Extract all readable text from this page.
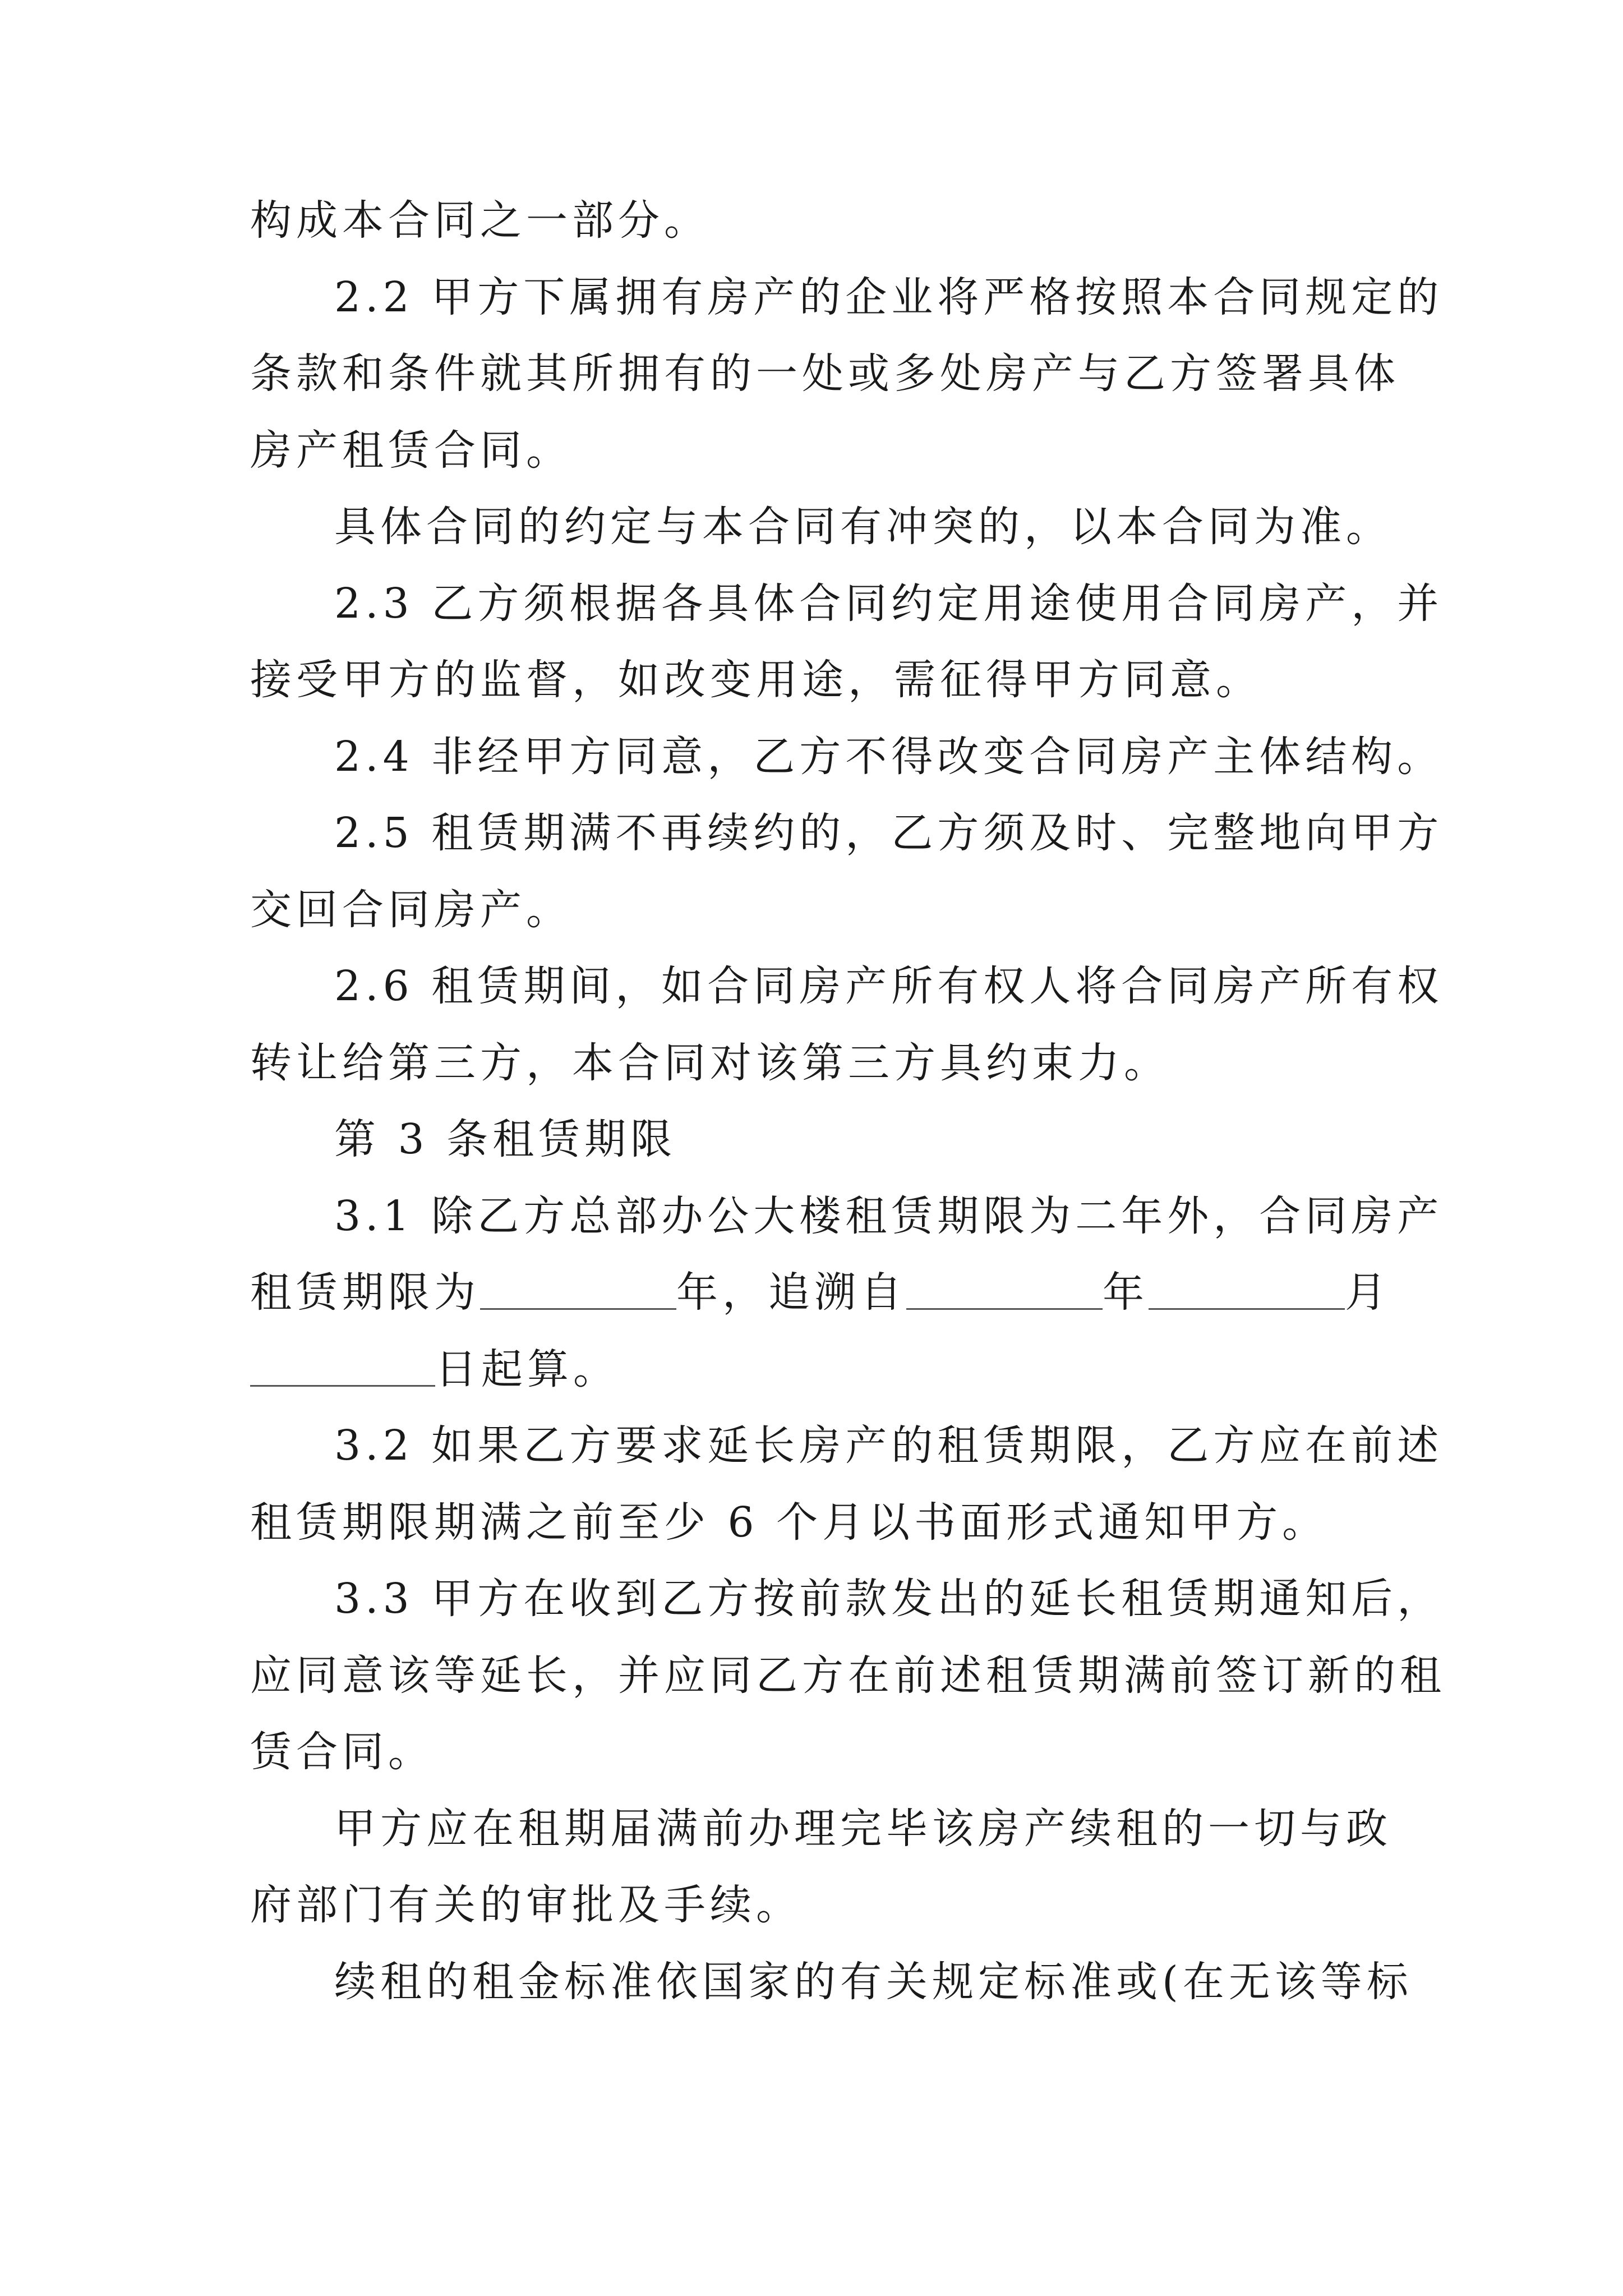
构成本合同之一部分。
2.2 甲方下属拥有房产的企业将严格按照本合同规定的
条款和条件就其所拥有的一处或多处房产与乙方签署具体
房产租赁合同。
具体合同的约定与本合同有冲突的，以本合同为准。
2.3 乙方须根据各具体合同约定用途使用合同房产，并
接受甲方的监督，如改变用途，需征得甲方同意。
2.4 非经甲方同意，乙方不得改变合同房产主体结构。
2.5 租赁期满不再续约的，乙方须及时、完整地向甲方
交回合同房产。
2.6 租赁期间，如合同房产所有权人将合同房产所有权
转让给第三方，本合同对该第三方具约束力。
第 3 条租赁期限
3.1 除乙方总部办公大楼租赁期限为二年外，合同房产
租赁期限为	年，追溯自	年	月
日起算。
3.2 如果乙方要求延长房产的租赁期限，乙方应在前述
租赁期限期满之前至少 6 个月以书面形式通知甲方。
3.3 甲方在收到乙方按前款发出的延长租赁期通知后，
应同意该等延长，并应同乙方在前述租赁期满前签订新的租
赁合同。
甲方应在租期届满前办理完毕该房产续租的一切与政
府部门有关的审批及手续。
续租的租金标准依国家的有关规定标准或(在无该等标
